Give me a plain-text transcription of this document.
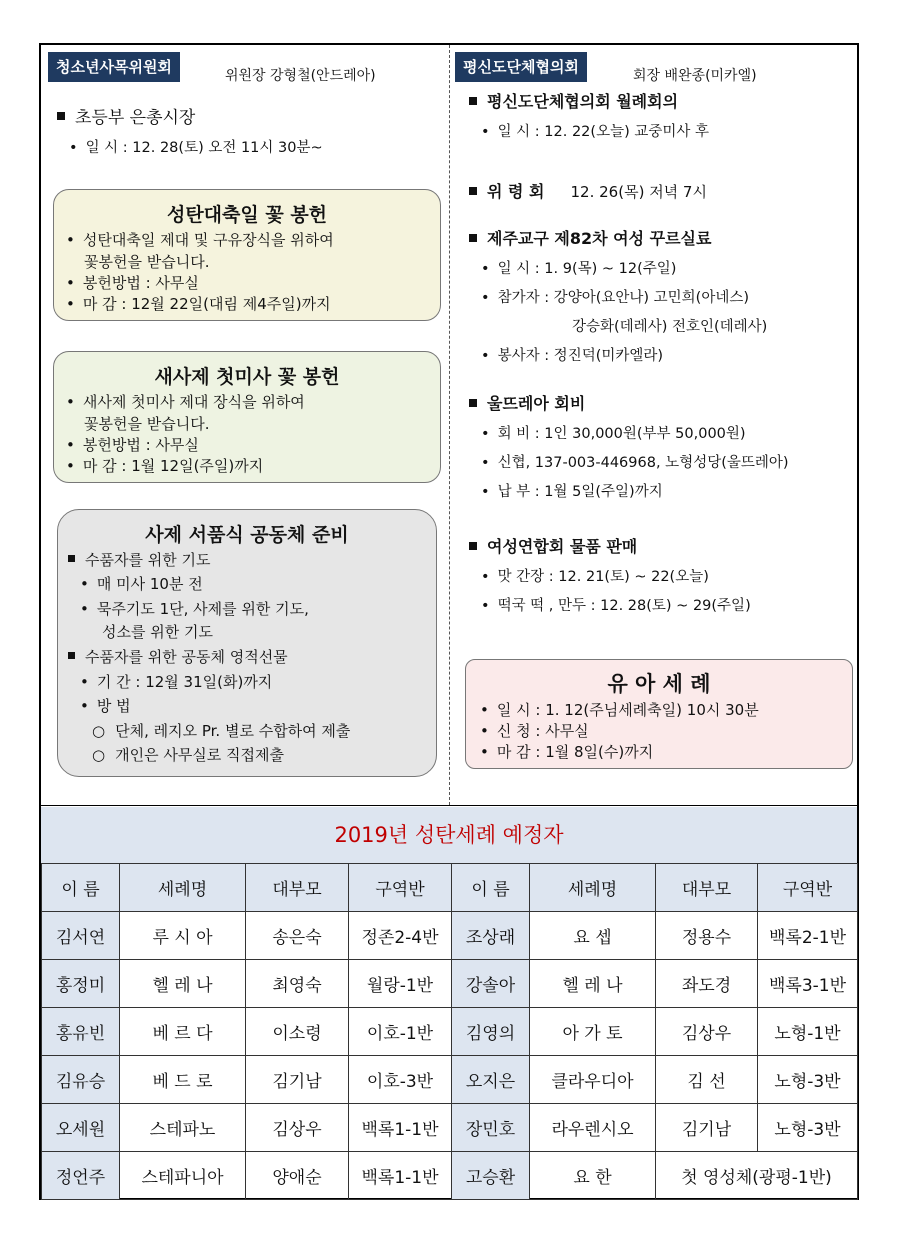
청소년사목위원회	위원장 강형철(안드레아)
초등부 은총시장
• 일 시 : 12. 28(토) 오전 11시 30분~
성탄대축일 꽃 봉헌
• 성탄대축일 제대 및 구유장식을 위하여
꽃봉헌을 받습니다.
• 봉헌방법 : 사무실
• 마 감 : 12월 22일(대림 제4주일)까지
새사제 첫미사 꽃 봉헌
• 새사제 첫미사 제대 장식을 위하여
꽃봉헌을 받습니다.
• 봉헌방법 : 사무실
• 마 감 : 1월 12일(주일)까지
사제 서품식 공동체 준비
수품자를 위한 기도
• 매 미사 10분 전
• 묵주기도 1단, 사제를 위한 기도,
성소를 위한 기도
수품자를 위한 공동체 영적선물
• 기 간 : 12월 31일(화)까지
• 방 법
○ 단체, 레지오 Pr. 별로 수합하여 제출
○ 개인은 사무실로 직접제출
평신도단체협의회	회장 배완종(미카엘)
평신도단체협의회 월례회의
• 일 시 : 12. 22(오늘) 교중미사 후
위 령 회 12. 26(목) 저녁 7시
제주교구 제82차 여성 꾸르실료
• 일 시 : 1. 9(목) ~ 12(주일)
• 참가자 : 강양아(요안나) 고민희(아네스)
강승화(데레사) 전호인(데레사)
• 봉사자 : 정진덕(미카엘라)
울뜨레아 회비
• 회 비 : 1인 30,000원(부부 50,000원)
• 신협, 137-003-446968, 노형성당(울뜨레아)
• 납 부 : 1월 5일(주일)까지
여성연합회 물품 판매
• 맛 간장 : 12. 21(토) ~ 22(오늘)
• 떡국 떡 , 만두 : 12. 28(토) ~ 29(주일)
유 아 세 례
• 일 시 : 1. 12(주님세례축일) 10시 30분
• 신 청 : 사무실
• 마 감 : 1월 8일(수)까지
2019년 성탄세례 예정자
이 름	세례명	대부모	구역반	이 름	세례명	대부모	구역반
김서연	루 시 아	송은숙	정존2-4반	조상래	요 셉	정용수	백록2-1반
홍정미	헬 레 나	최영숙	월랑-1반	강솔아	헬 레 나	좌도경	백록3-1반
홍유빈	베 르 다	이소령	이호-1반	김영의	아 가 토	김상우	노형-1반
김유승	베 드 로	김기남	이호-3반	오지은	클라우디아	김 선	노형-3반
오세원	스테파노	김상우	백록1-1반	장민호	라우렌시오	김기남	노형-3반
정언주	스테파니아	양애순	백록1-1반	고승환	요 한	첫 영성체(광평-1반)	
